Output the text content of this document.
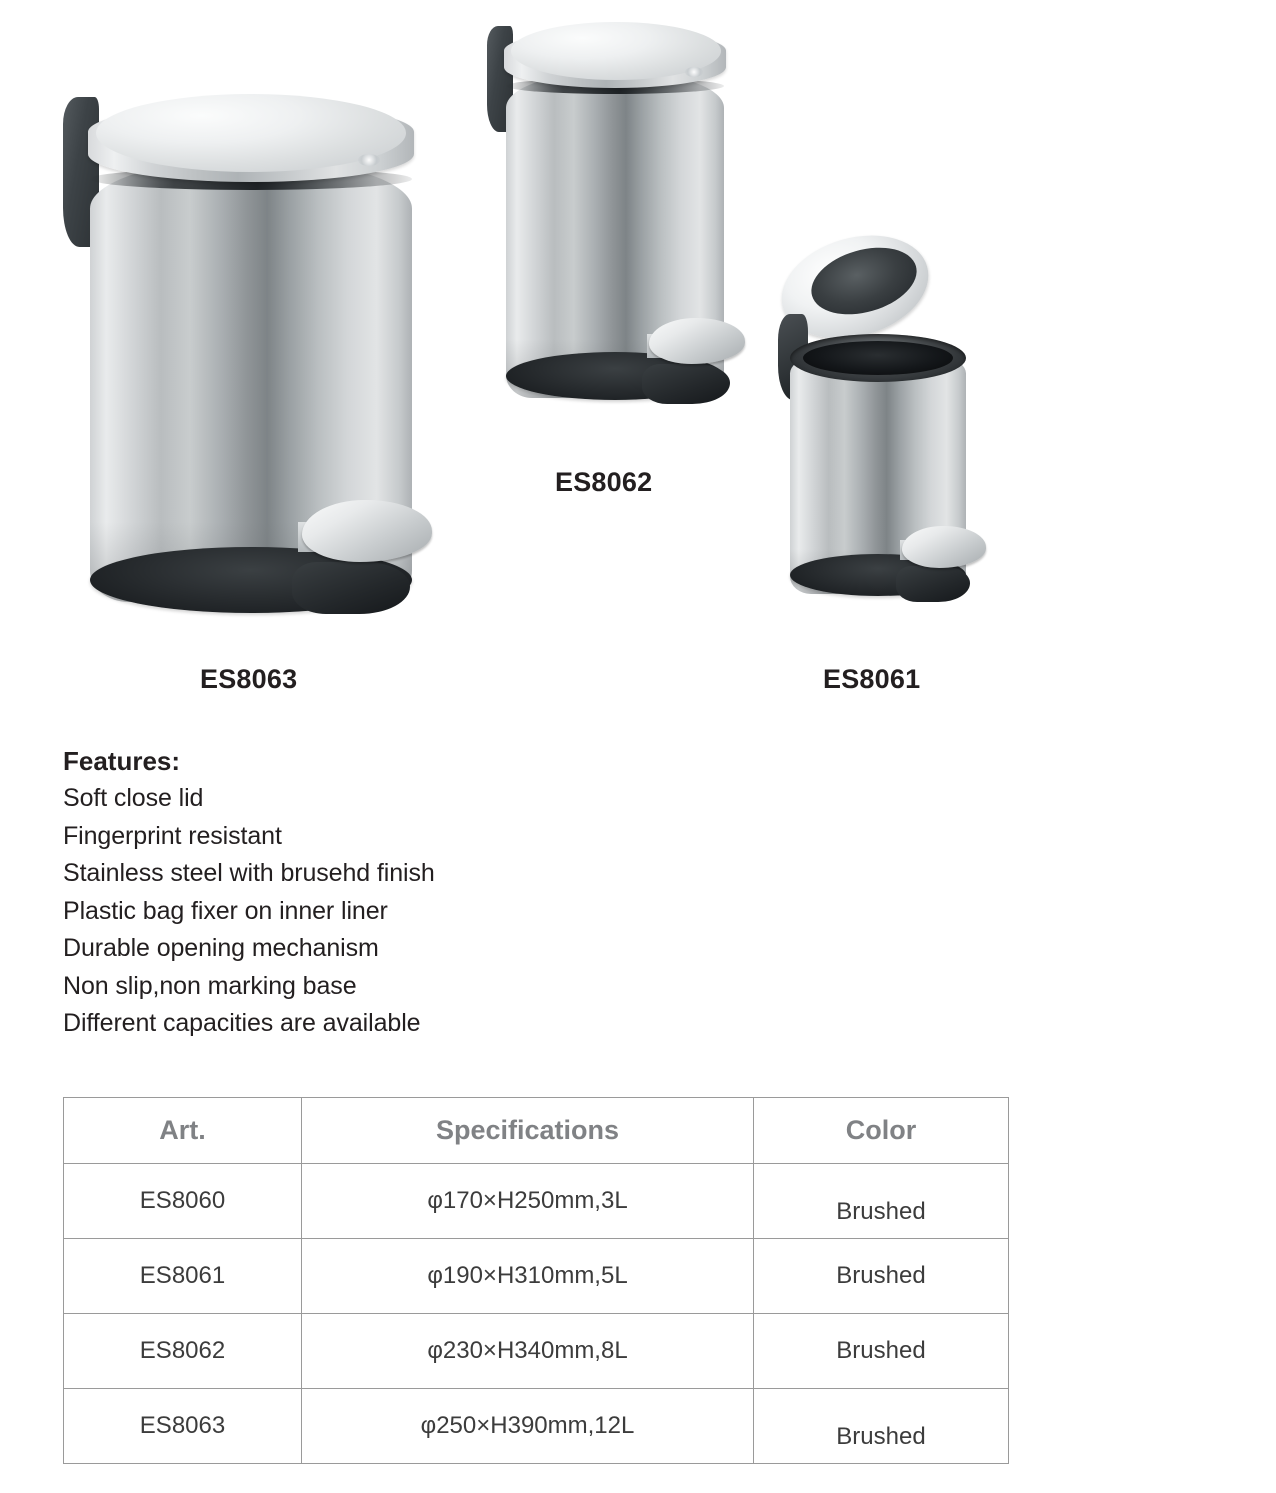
ES8063
ES8062
ES8061
Features:
Soft close lid
Fingerprint resistant
Stainless steel with brusehd finish
Plastic bag fixer on inner liner
Durable opening mechanism
Non slip,non marking base
Different capacities are available
Art.	Specifications	Color
ES8060	φ170×H250mm,3L	Brushed
ES8061	φ190×H310mm,5L	Brushed
ES8062	φ230×H340mm,8L	Brushed
ES8063	φ250×H390mm,12L	Brushed
